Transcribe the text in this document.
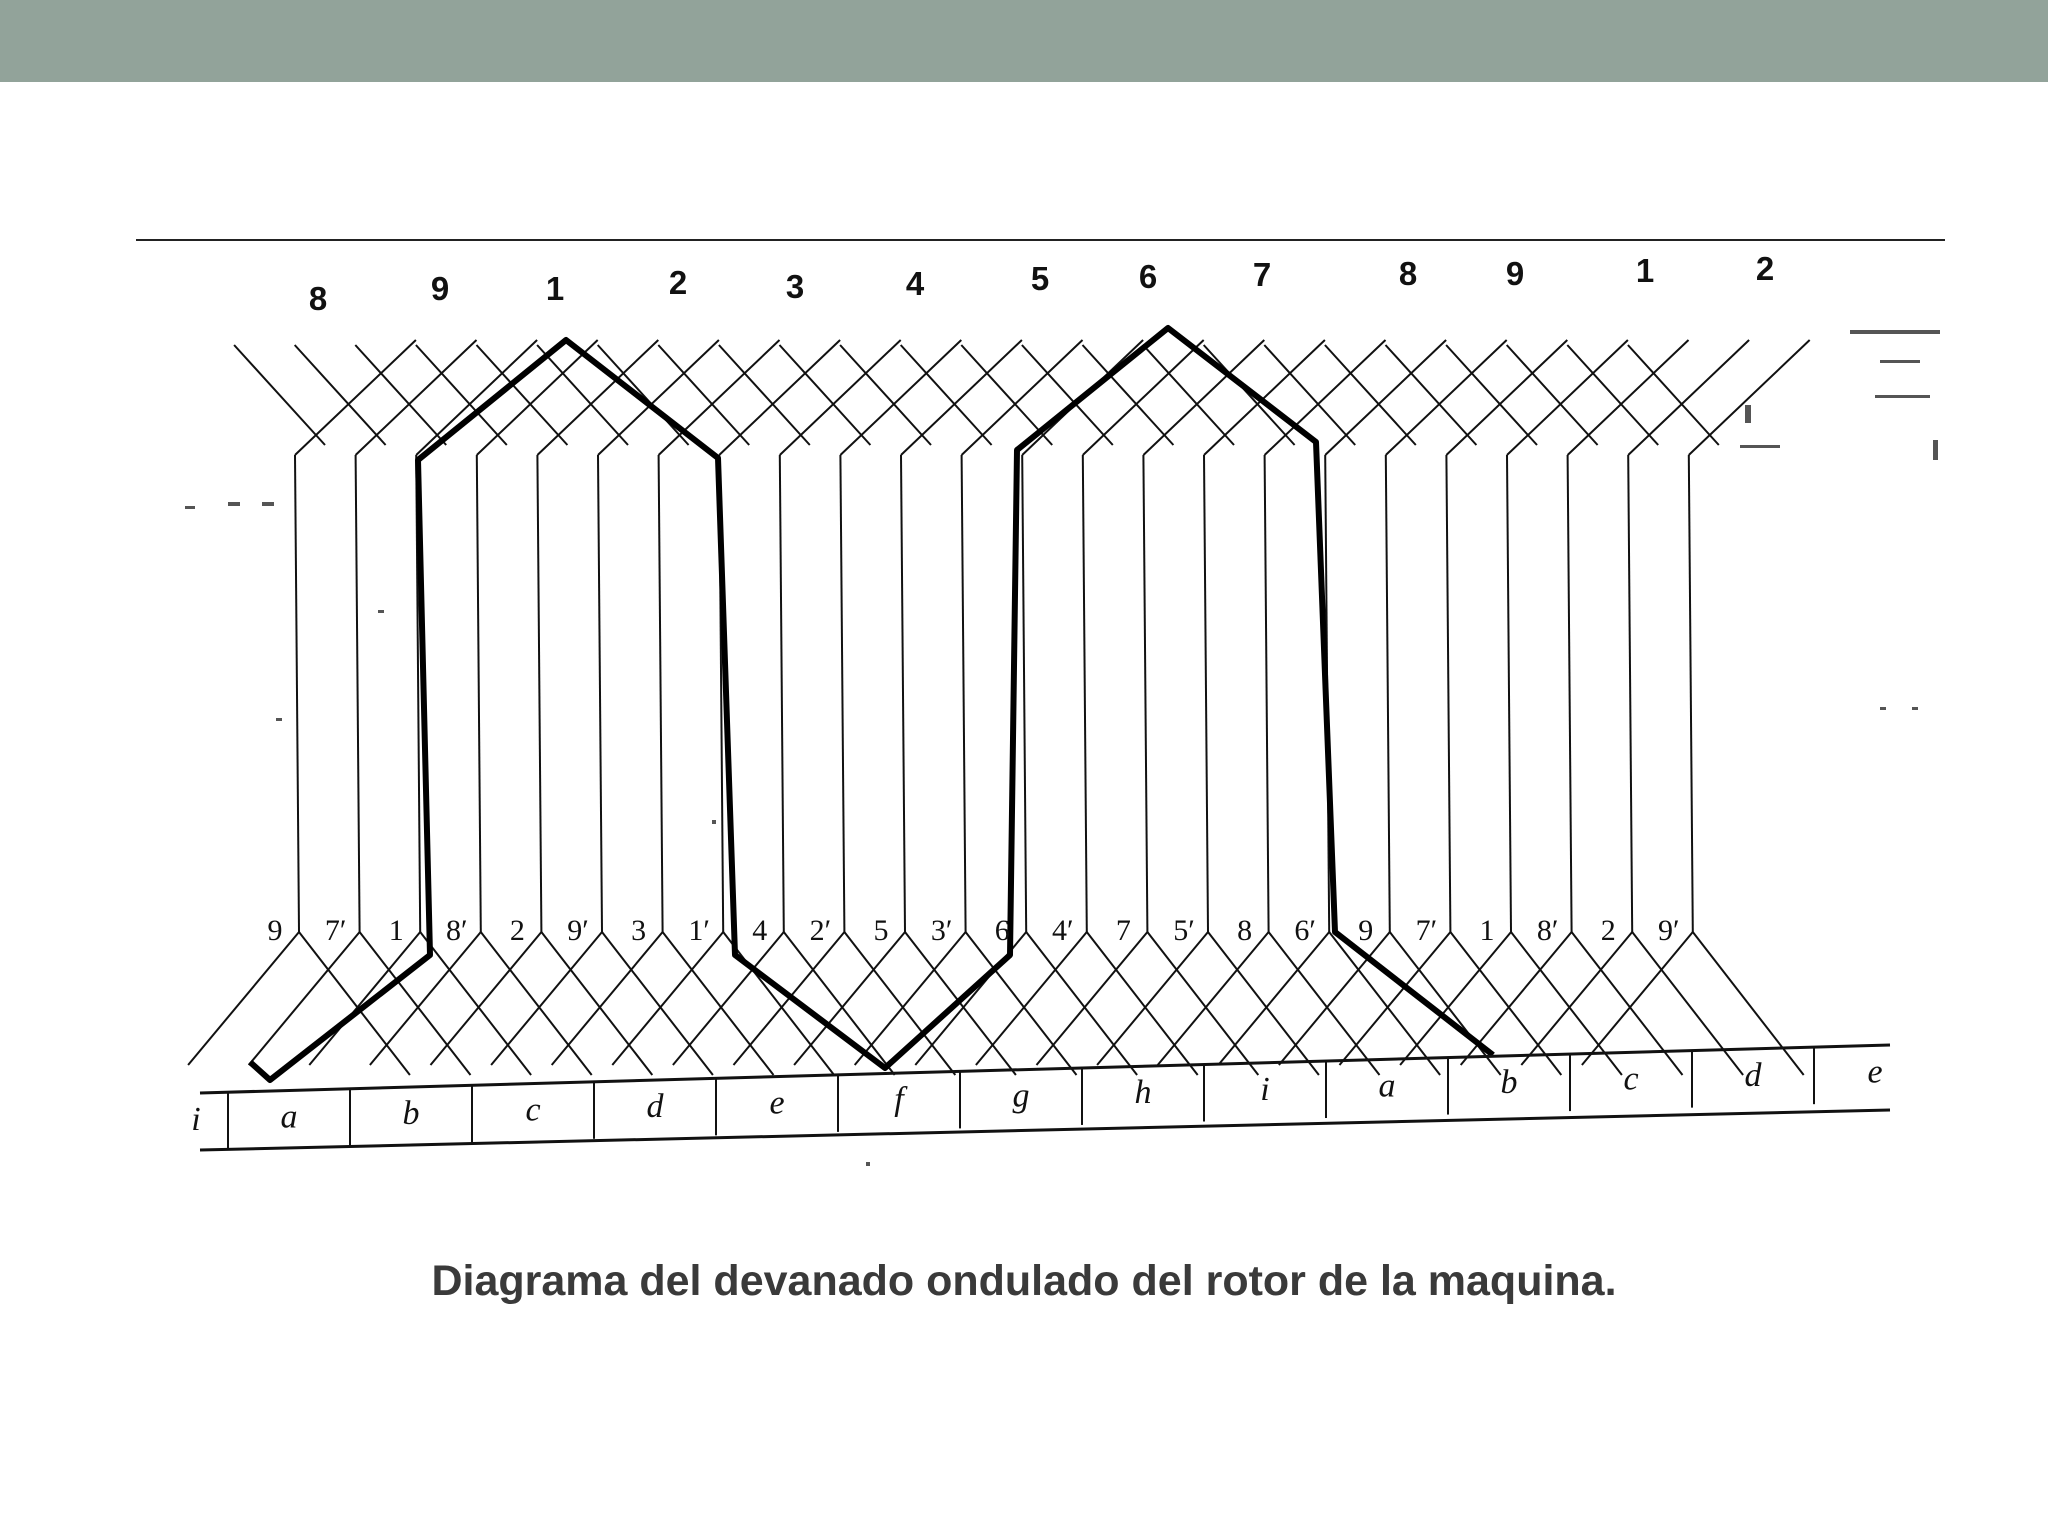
8	9	1	2	3	4	5	6	7	8	9	1	2
9 7′ 1 8′ 2 9′ 3 1′ 4 2′ 5 3′ 6 4′ 7 5′ 8 6′ 9 7′ 1 8′ 2 9′
i a	b	c	d	e	f	g	h	i	a	b	c	d	e
Diagrama del devanado ondulado del rotor de la maquina.
